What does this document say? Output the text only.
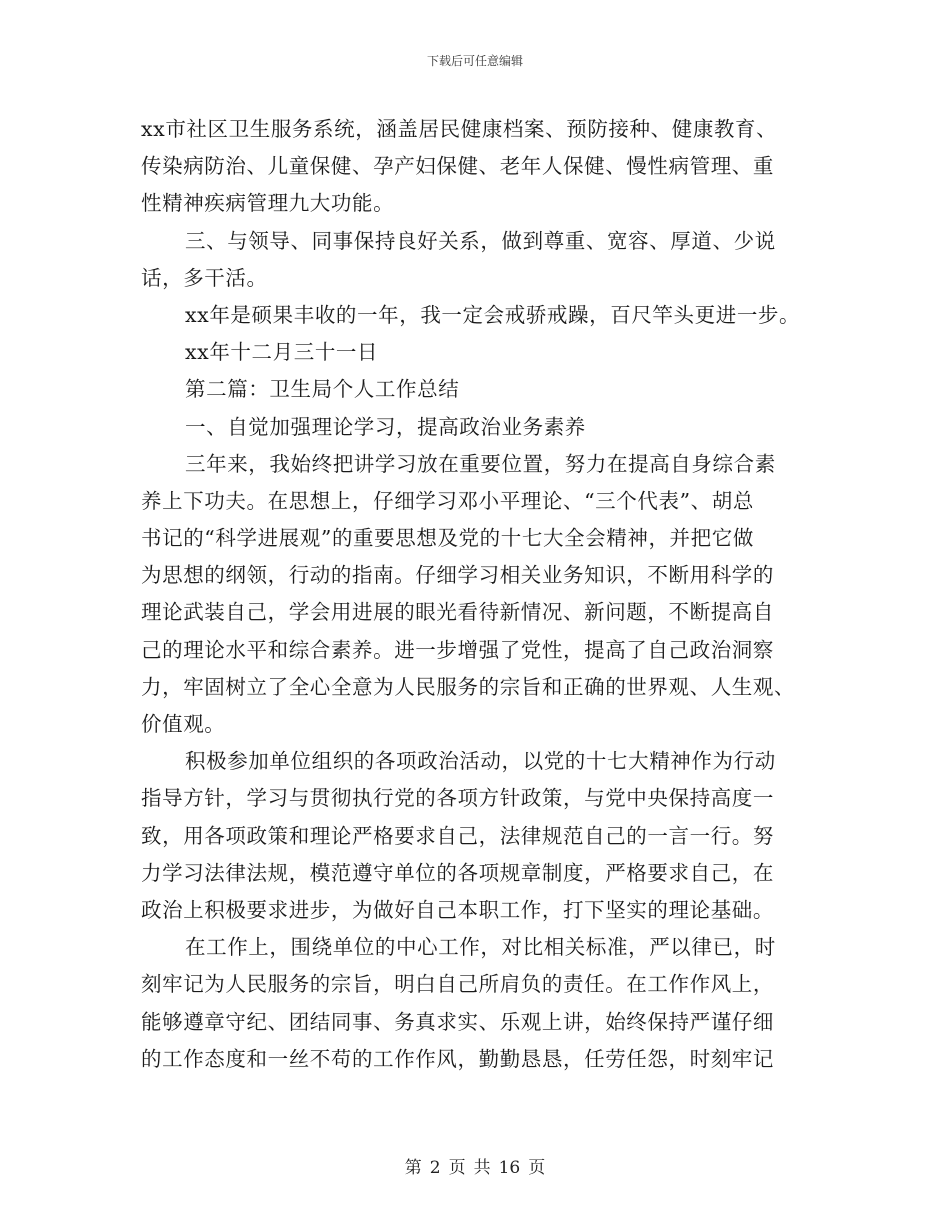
下载后可任意编辑
xx市社区卫生服务系统，涵盖居民健康档案、预防接种、健康教育、
传染病防治、儿童保健、孕产妇保健、老年人保健、慢性病管理、重
性精神疾病管理九大功能。
三、与领导、同事保持良好关系，做到尊重、宽容、厚道、少说
话，多干活。
xx年是硕果丰收的一年，我一定会戒骄戒躁，百尺竿头更进一步。
xx年十二月三十一日
第二篇：卫生局个人工作总结
一、自觉加强理论学习，提高政治业务素养
三年来，我始终把讲学习放在重要位置，努力在提高自身综合素
养上下功夫。在思想上，仔细学习邓小平理论、“三个代表”、胡总
书记的“科学进展观”的重要思想及党的十七大全会精神，并把它做
为思想的纲领，行动的指南。仔细学习相关业务知识，不断用科学的
理论武装自己，学会用进展的眼光看待新情况、新问题，不断提高自
己的理论水平和综合素养。进一步增强了党性，提高了自己政治洞察
力，牢固树立了全心全意为人民服务的宗旨和正确的世界观、人生观、
价值观。
积极参加单位组织的各项政治活动，以党的十七大精神作为行动
指导方针，学习与贯彻执行党的各项方针政策，与党中央保持高度一
致，用各项政策和理论严格要求自己，法律规范自己的一言一行。努
力学习法律法规，模范遵守单位的各项规章制度，严格要求自己，在
政治上积极要求进步，为做好自己本职工作，打下坚实的理论基础。
在工作上，围绕单位的中心工作，对比相关标准，严以律已，时
刻牢记为人民服务的宗旨，明白自己所肩负的责任。在工作作风上，
能够遵章守纪、团结同事、务真求实、乐观上讲，始终保持严谨仔细
的工作态度和一丝不苟的工作作风，勤勤恳恳，任劳任怨，时刻牢记
第 2 页 共 16 页
